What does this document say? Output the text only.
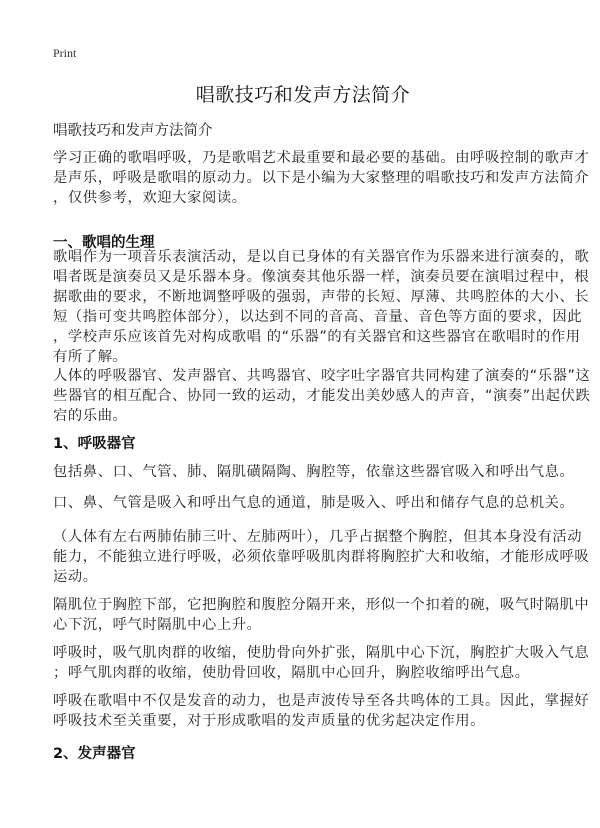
Print
唱歌技巧和发声方法简介
唱歌技巧和发声方法简介
学习正确的歌唱呼吸，乃是歌唱艺术最重要和最必要的基础。由呼吸控制的歌声才
是声乐，呼吸是歌唱的原动力。以下是小编为大家整理的唱歌技巧和发声方法简介
，仅供参考，欢迎大家阅读。
一、歌唱的生理
歌唱作为一项音乐表演活动，是以自已身体的有关器官作为乐器来进行演奏的，歌
唱者既是演奏员又是乐器本身。像演奏其他乐器一样，演奏员要在演唱过程中，根
据歌曲的要求，不断地调整呼吸的强弱，声带的长短、厚薄、共鸣腔体的大小、长
短（指可变共鸣腔体部分），以达到不同的音高、音量、音色等方面的要求，因此
，学校声乐应该首先对构成歌唱 的“乐器”的有关器官和这些器官在歌唱时的作用
有所了解。
人体的呼吸器官、发声器官、共鸣器官、咬字吐字器官共同构建了演奏的“乐器”这
些器官的相互配合、协同一致的运动，才能发出美妙感人的声音，“演奏”出起伏跌
宕的乐曲。
1、呼吸器官
包括鼻、口、气管、肺、隔肌磺隔陶、胸腔等，依靠这些器官吸入和呼出气息。
口、鼻、气管是吸入和呼出气息的通道，肺是吸入、呼出和储存气息的总机关。
（人体有左右两肺佑肺三叶、左肺两叶），几乎占据整个胸腔，但其本身没有活动
能力，不能独立进行呼吸，必须依靠呼吸肌肉群将胸腔扩大和收缩，才能形成呼吸
运动。
隔肌位于胸腔下部，它把胸腔和腹腔分隔开来，形似一个扣着的碗，吸气时隔肌中
心下沉，呼气时隔肌中心上升。
呼吸时，吸气肌肉群的收缩，使肋骨向外扩张，隔肌中心下沉，胸腔扩大吸入气息
；呼气肌肉群的收缩，使肋骨回收，隔肌中心回升，胸腔收缩呼出气息。
呼吸在歌唱中不仅是发音的动力，也是声波传导至各共鸣体的工具。因此，掌握好
呼吸技术至关重要，对于形成歌唱的发声质量的优劣起决定作用。
2、发声器官
